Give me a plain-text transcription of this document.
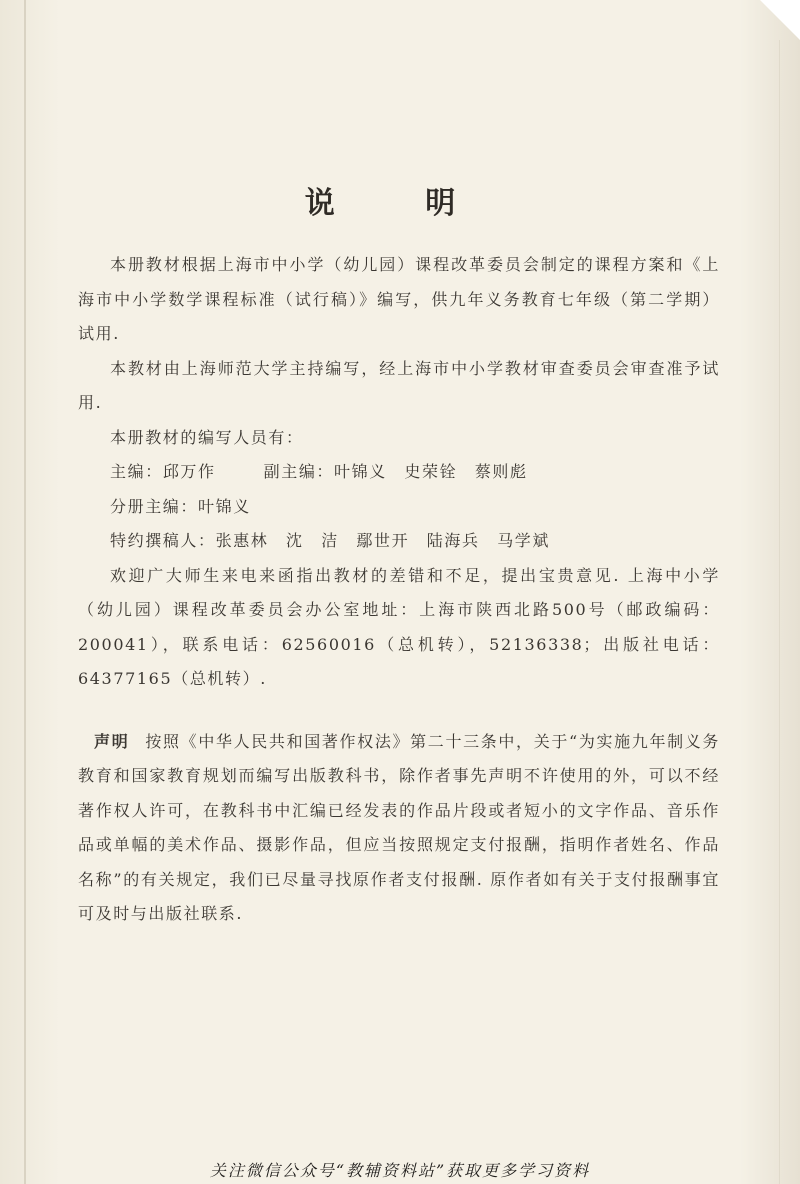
说 明

本册教材根据上海市中小学（幼儿园）课程改革委员会制定的课程方案和《上海市中小学数学课程标准（试行稿）》编写，供九年义务教育七年级（第二学期）试用.

本教材由上海师范大学主持编写，经上海市中小学教材审查委员会审查准予试用.

本册教材的编写人员有：

主编：邱万作	副主编：叶锦义　史荣铨　蔡则彪
分册主编：叶锦义
特约撰稿人：张惠林　沈　洁　鄢世开　陆海兵　马学斌

欢迎广大师生来电来函指出教材的差错和不足，提出宝贵意见. 上海中小学（幼儿园）课程改革委员会办公室地址：上海市陕西北路500号（邮政编码：200041），联系电话：62560016（总机转），52136338；出版社电话：64377165（总机转）.

声明 按照《中华人民共和国著作权法》第二十三条中，关于“为实施九年制义务教育和国家教育规划而编写出版教科书，除作者事先声明不许使用的外，可以不经著作权人许可，在教科书中汇编已经发表的作品片段或者短小的文字作品、音乐作品或单幅的美术作品、摄影作品，但应当按照规定支付报酬，指明作者姓名、作品名称”的有关规定，我们已尽量寻找原作者支付报酬. 原作者如有关于支付报酬事宜可及时与出版社联系.

关注微信公众号“教辅资料站”获取更多学习资料
